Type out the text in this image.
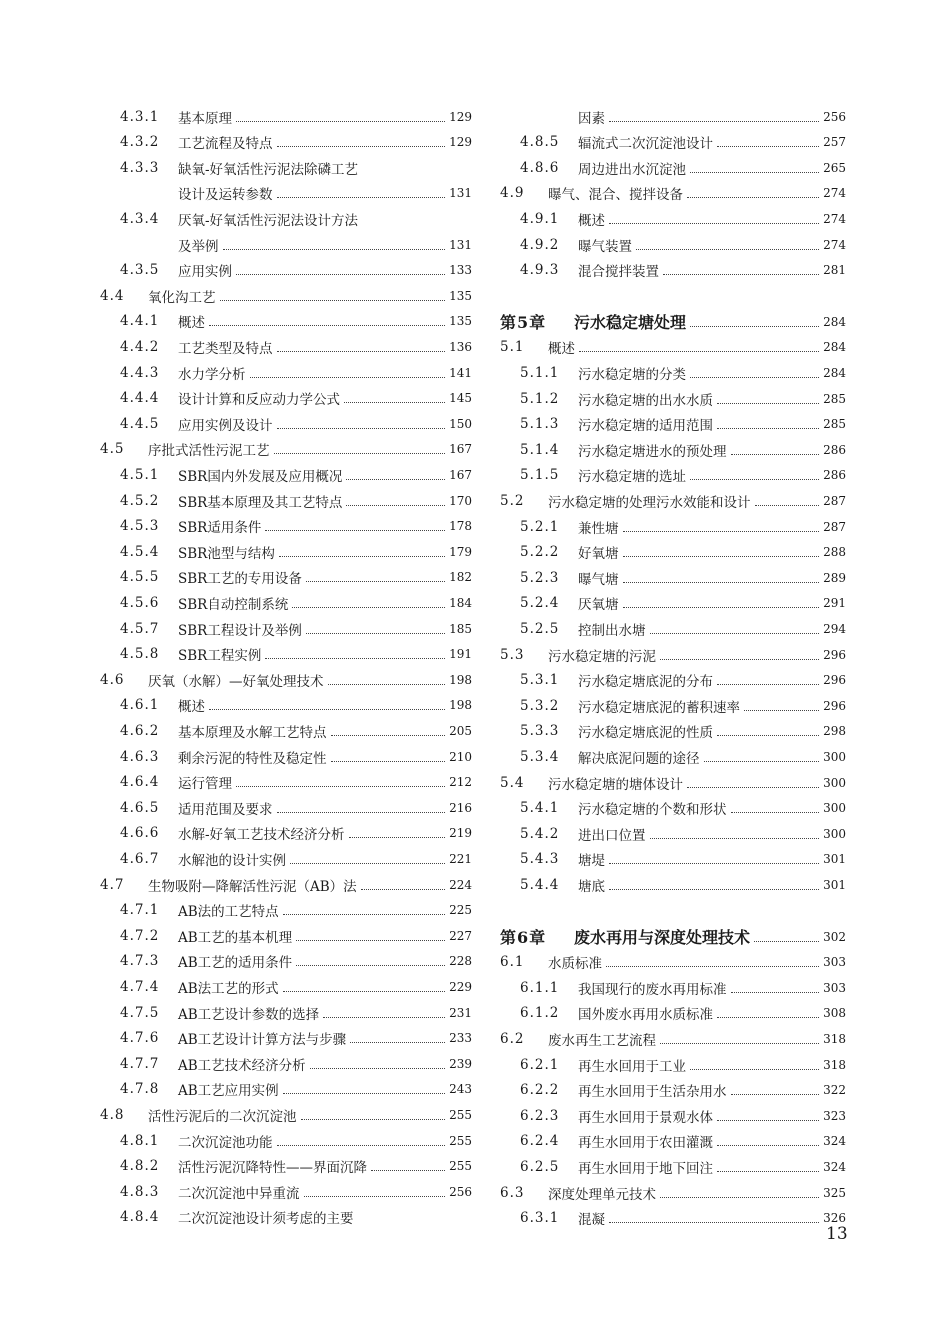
4.3.1	基本原理	129
4.3.2	工艺流程及特点	129
4.3.3	缺氧-好氧活性污泥法除磷工艺
设计及运转参数	131
4.3.4	厌氧-好氧活性污泥法设计方法
及举例	131
4.3.5	应用实例	133
4.4	氧化沟工艺	135
4.4.1	概述	135
4.4.2	工艺类型及特点	136
4.4.3	水力学分析	141
4.4.4	设计计算和反应动力学公式	145
4.4.5	应用实例及设计	150
4.5	序批式活性污泥工艺	167
4.5.1	SBR国内外发展及应用概况	167
4.5.2	SBR基本原理及其工艺特点	170
4.5.3	SBR适用条件	178
4.5.4	SBR池型与结构	179
4.5.5	SBR工艺的专用设备	182
4.5.6	SBR自动控制系统	184
4.5.7	SBR工程设计及举例	185
4.5.8	SBR工程实例	191
4.6	厌氧（水解）—好氧处理技术	198
4.6.1	概述	198
4.6.2	基本原理及水解工艺特点	205
4.6.3	剩余污泥的特性及稳定性	210
4.6.4	运行管理	212
4.6.5	适用范围及要求	216
4.6.6	水解-好氧工艺技术经济分析	219
4.6.7	水解池的设计实例	221
4.7	生物吸附—降解活性污泥（AB）法	224
4.7.1	AB法的工艺特点	225
4.7.2	AB工艺的基本机理	227
4.7.3	AB工艺的适用条件	228
4.7.4	AB法工艺的形式	229
4.7.5	AB工艺设计参数的选择	231
4.7.6	AB工艺设计计算方法与步骤	233
4.7.7	AB工艺技术经济分析	239
4.7.8	AB工艺应用实例	243
4.8	活性污泥后的二次沉淀池	255
4.8.1	二次沉淀池功能	255
4.8.2	活性污泥沉降特性——界面沉降	255
4.8.3	二次沉淀池中异重流	256
4.8.4	二次沉淀池设计须考虑的主要
因素	256
4.8.5	辐流式二次沉淀池设计	257
4.8.6	周边进出水沉淀池	265
4.9	曝气、混合、搅拌设备	274
4.9.1	概述	274
4.9.2	曝气装置	274
4.9.3	混合搅拌装置	281
第5章	污水稳定塘处理	284
5.1	概述	284
5.1.1	污水稳定塘的分类	284
5.1.2	污水稳定塘的出水水质	285
5.1.3	污水稳定塘的适用范围	285
5.1.4	污水稳定塘进水的预处理	286
5.1.5	污水稳定塘的选址	286
5.2	污水稳定塘的处理污水效能和设计	287
5.2.1	兼性塘	287
5.2.2	好氧塘	288
5.2.3	曝气塘	289
5.2.4	厌氧塘	291
5.2.5	控制出水塘	294
5.3	污水稳定塘的污泥	296
5.3.1	污水稳定塘底泥的分布	296
5.3.2	污水稳定塘底泥的蓄积速率	296
5.3.3	污水稳定塘底泥的性质	298
5.3.4	解决底泥问题的途径	300
5.4	污水稳定塘的塘体设计	300
5.4.1	污水稳定塘的个数和形状	300
5.4.2	进出口位置	300
5.4.3	塘堤	301
5.4.4	塘底	301
第6章	废水再用与深度处理技术	302
6.1	水质标准	303
6.1.1	我国现行的废水再用标准	303
6.1.2	国外废水再用水质标准	308
6.2	废水再生工艺流程	318
6.2.1	再生水回用于工业	318
6.2.2	再生水回用于生活杂用水	322
6.2.3	再生水回用于景观水体	323
6.2.4	再生水回用于农田灌溉	324
6.2.5	再生水回用于地下回注	324
6.3	深度处理单元技术	325
6.3.1	混凝	326
13
